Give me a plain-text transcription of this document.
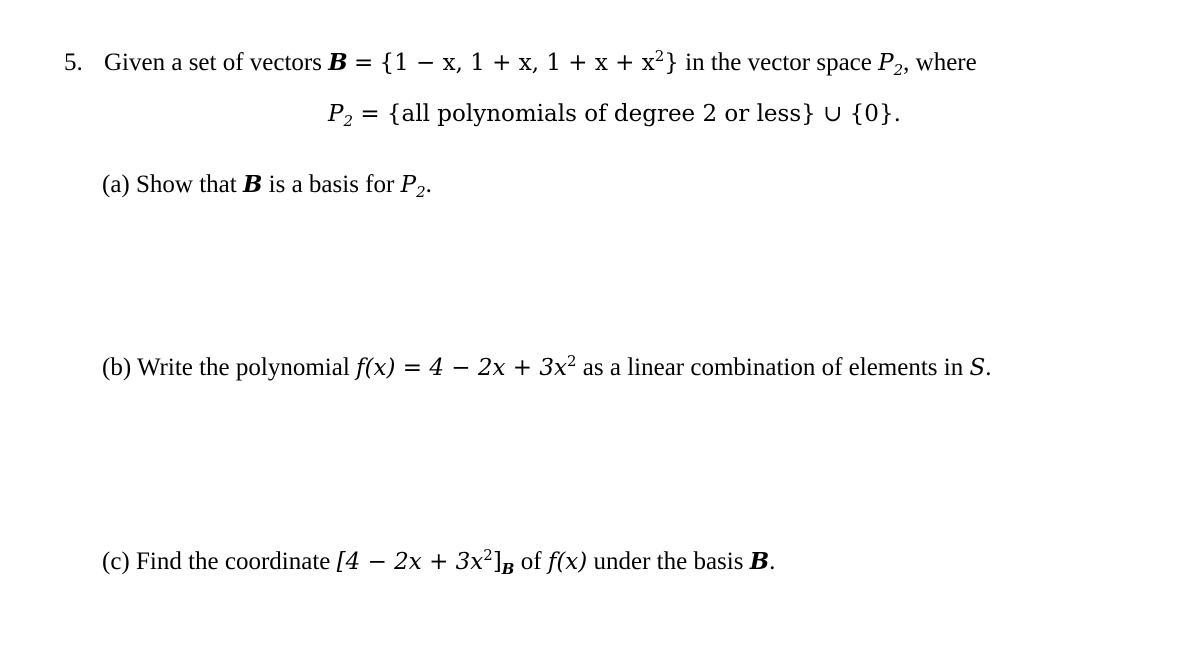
5. Given a set of vectors B = {1 − x, 1 + x, $1 + x + x^2$} in the vector space $P_2$, where
$P_2 = \{all$ polynomials of degree 2 or less} ∪ {0}.
(a) Show that B is a basis for $P_2$.
(b) Write the polynomial $f(x) = 4 - 2x + 3x^2$ as a linear combination of elements in S.
(c) Find the coordinate $[4 - 2x + 3x^2]_B$ of f(x) under the basis B.
